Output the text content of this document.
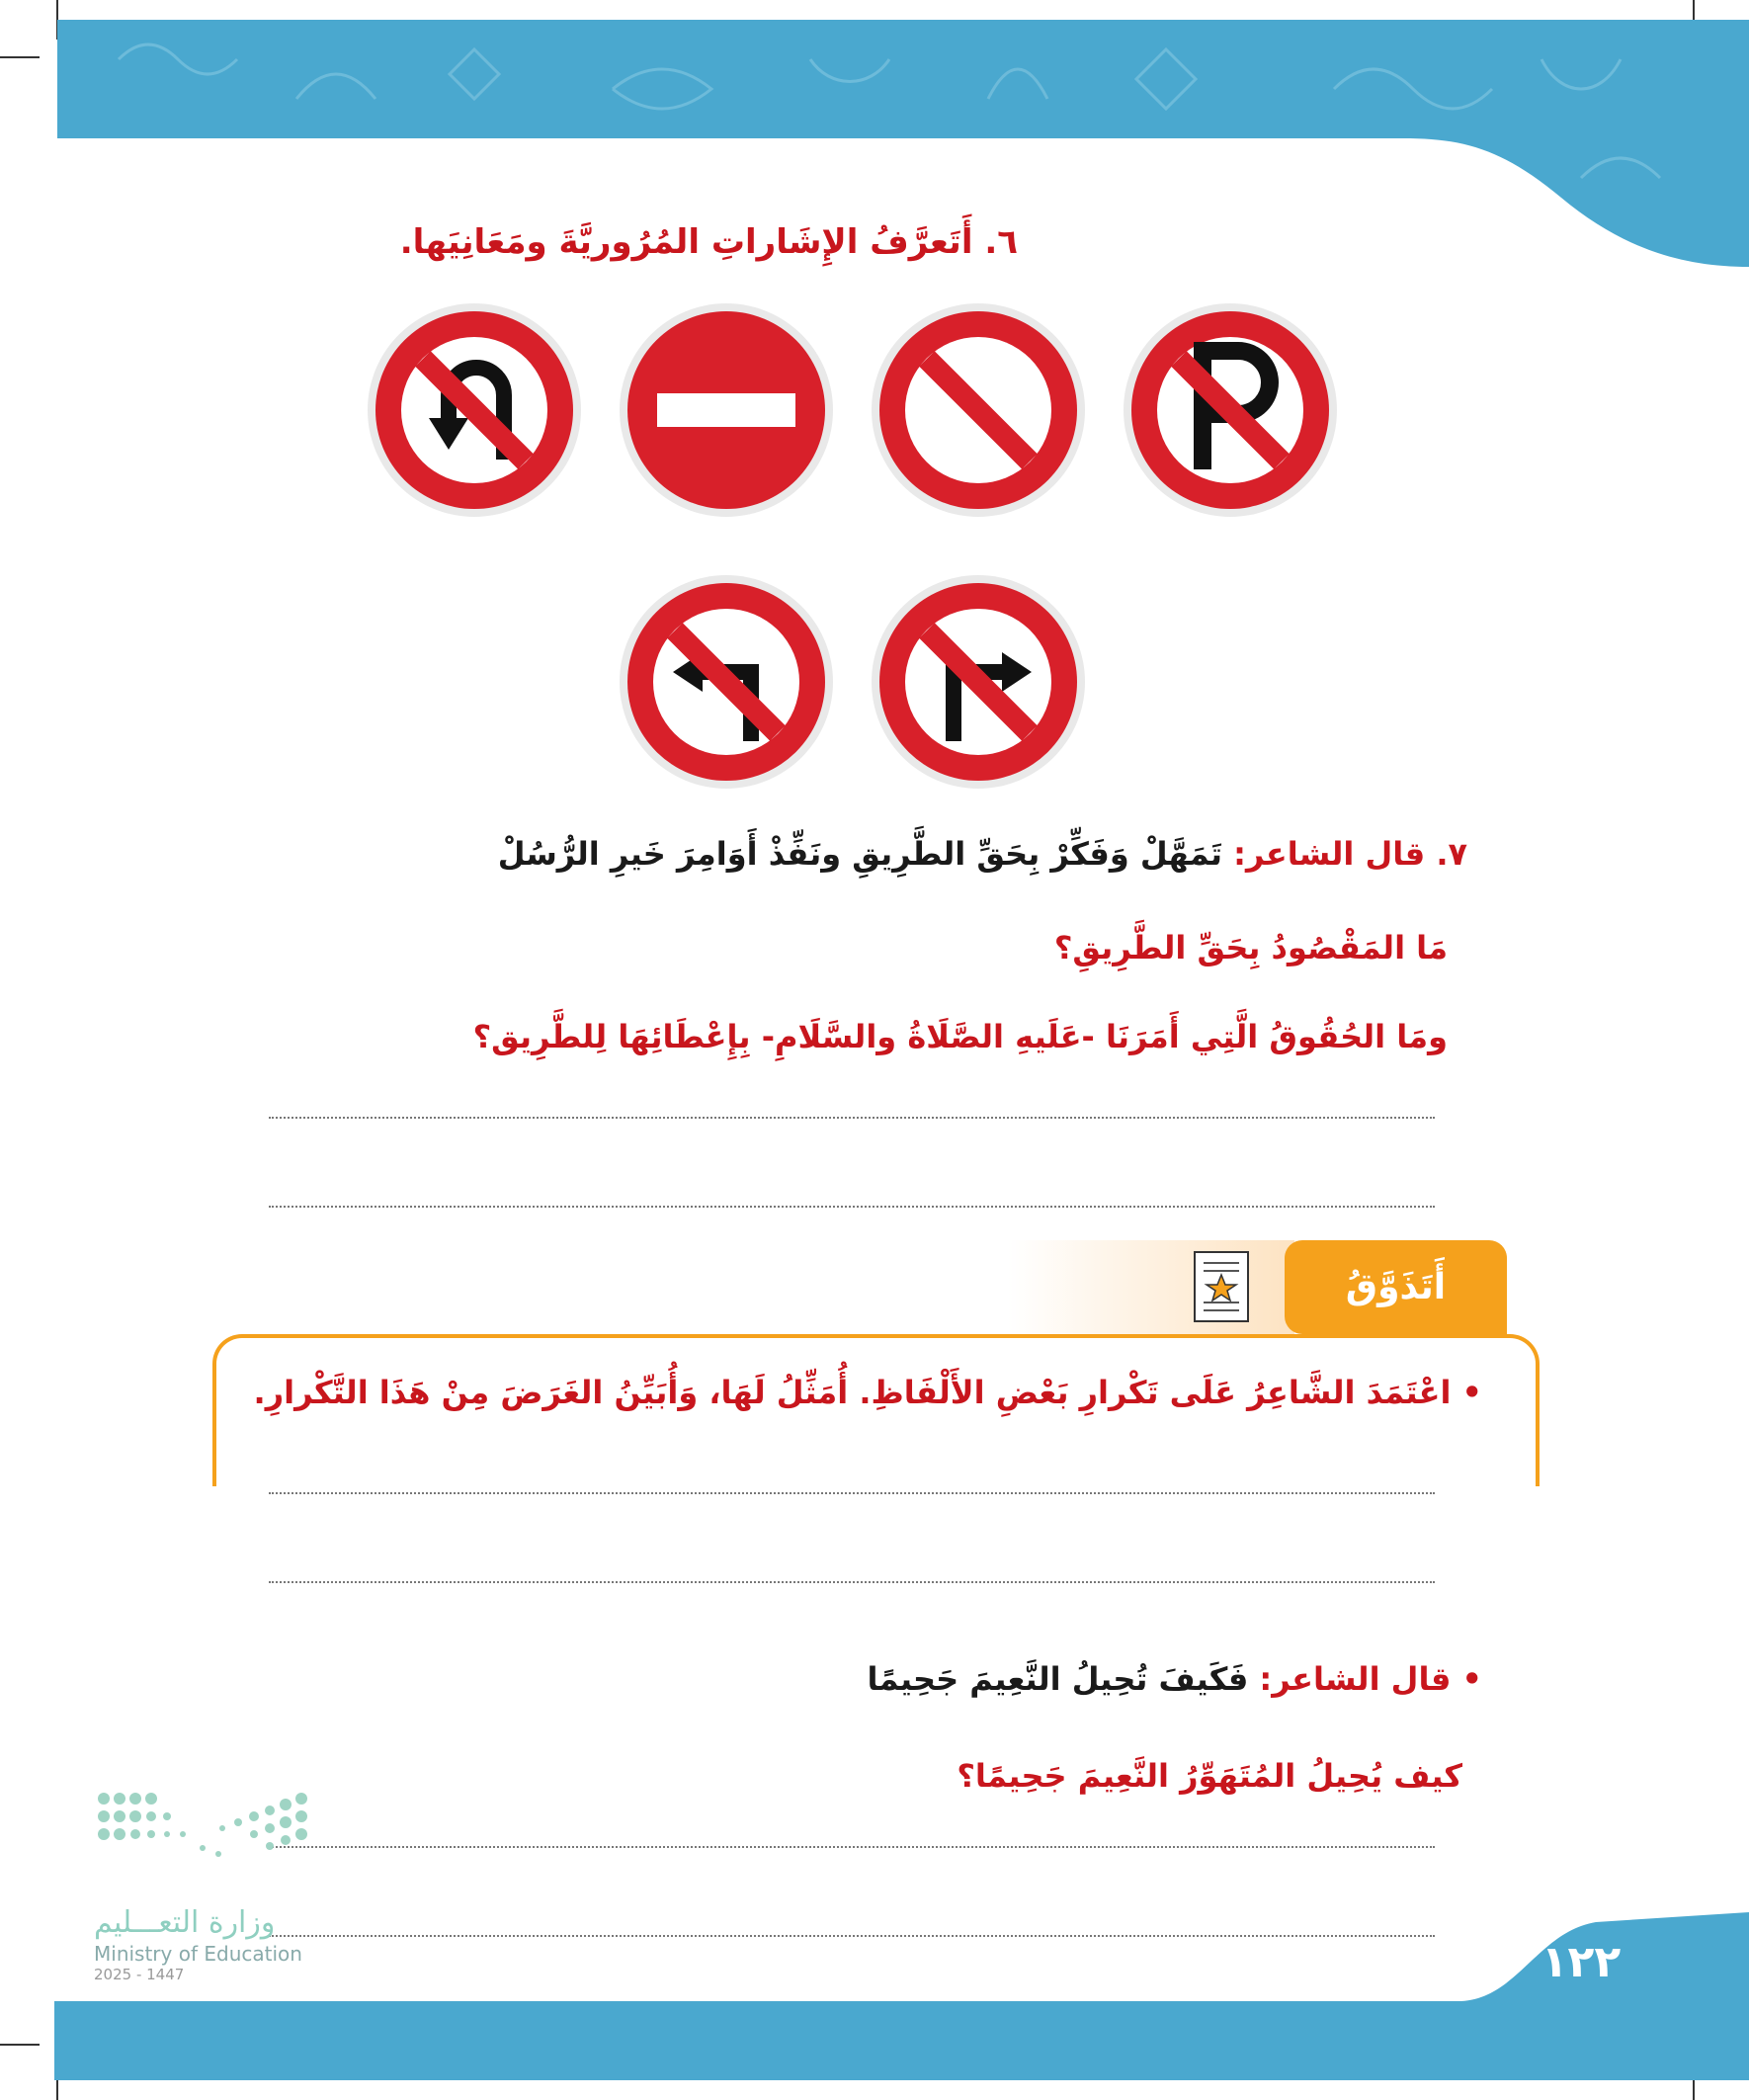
٦. أَتَعرَّفُ الإِشَاراتِ المُرُوريَّةَ ومَعَانِيَها.
٧. قال الشاعر: تَمَهَّلْ وَفَكِّرْ بِحَقِّ الطَّرِيقِ ونَفِّذْ أَوَامِرَ خَيرِ الرُّسُلْ
مَا المَقْصُودُ بِحَقِّ الطَّرِيقِ؟
ومَا الحُقُوقُ الَّتِي أَمَرَنَا -عَلَيهِ الصَّلَاةُ والسَّلَامِ- بِإِعْطَائِهَا لِلطَّرِيق؟
أَتَذَوَّقُ
• اعْتَمَدَ الشَّاعِرُ عَلَى تَكْرارِ بَعْضِ الأَلْفَاظِ. أُمَثِّلُ لَهَا، وَأُبَيِّنُ الغَرَضَ مِنْ هَذَا التَّكْرارِ.
• قال الشاعر: فَكَيفَ تُحِيلُ النَّعِيمَ جَحِيمًا
كيف يُحِيلُ المُتَهَوِّرُ النَّعِيمَ جَحِيمًا؟
وزارة التعـــليم
Ministry of Education
2025 - 1447	١٢٢
